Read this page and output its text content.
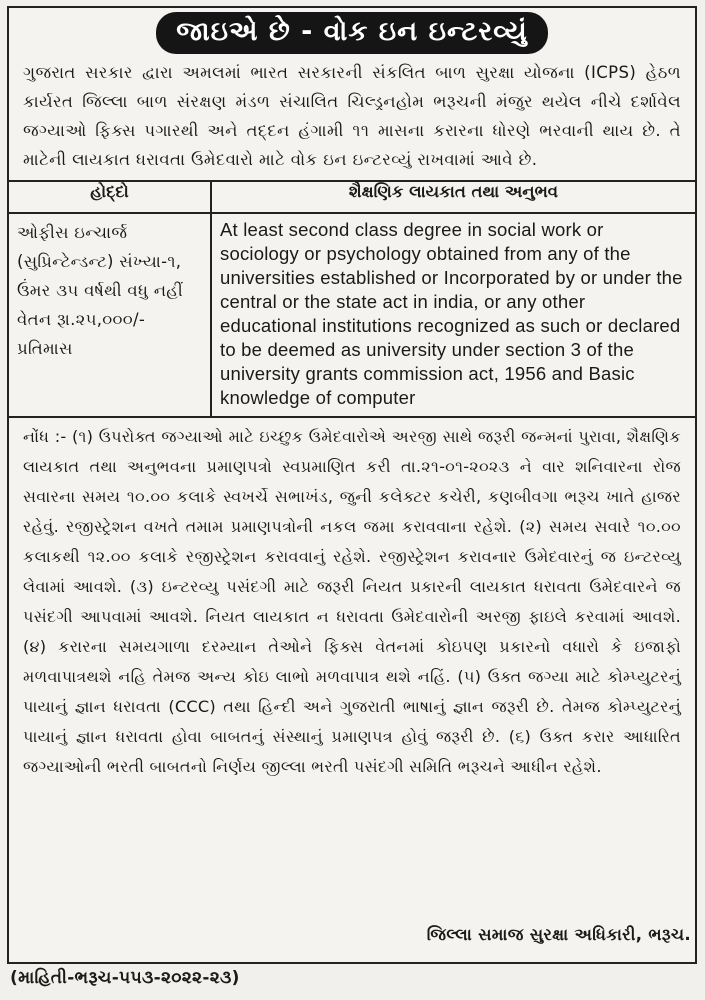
જાઇએ છે - વોક ઇન ઇન્ટરવ્યું
ગુજરાત સરકાર દ્વારા અમલમાં ભારત સરકારની સંકલિત બાળ સુરક્ષા યોજના (ICPS) હેઠળ કાર્યરત જિલ્લા બાળ સંરક્ષણ મંડળ સંચાલિત ચિલ્ડ્રનહોમ ભરૂચની મંજુર થયેલ નીચે દર્શાવેલ જગ્યાઓ ફિક્સ પગારથી અને તદ્દન હંગામી ૧૧ માસના કરારના ધોરણે ભરવાની થાય છે. તે માટેની લાયકાત ધરાવતા ઉમેદવારો માટે વોક ઇન ઇન્ટરવ્યું રાખવામાં આવે છે.
હોદ્દો	શૈક્ષણિક લાયકાત તથા અનુભવ
ઓફીસ ઇન્ચાર્જ (સુપ્રિન્ટેન્ડન્ટ) સંખ્યા-૧, ઉંમર ૩૫ વર્ષથી વધુ નહીં વેતન રૂા.૨૫,૦૦૦/- પ્રતિમાસ	At least second class degree in social work or sociology or psychology obtained from any of the universities established or Incorporated by or under the central or the state act in india, or any other educational institutions recognized as such or declared to be deemed as university under section 3 of the university grants commission act, 1956 and Basic knowledge of computer
નોંધ :- (૧) ઉપરોક્ત જગ્યાઓ માટે ઇચ્છુક ઉમેદવારોએ અરજી સાથે જરૂરી જન્મનાં પુરાવા, શૈક્ષણિક લાયકાત તથા અનુભવના પ્રમાણપત્રો સ્વપ્રમાણિત કરી તા.૨૧-૦૧-૨૦૨૩ ને વાર શનિવારના રોજ સવારના સમય ૧૦.૦૦ કલાકે સ્વખર્ચે સભાખંડ, જુની કલેક્ટર કચેરી, કણબીવગા ભરૂચ ખાતે હાજર રહેવું. રજીસ્ટ્રેશન વખતે તમામ પ્રમાણપત્રોની નકલ જમા કરાવવાના રહેશે. (૨) સમય સવારે ૧૦.૦૦ કલાકથી ૧૨.૦૦ કલાકે રજીસ્ટ્રેશન કરાવવાનું રહેશે. રજીસ્ટ્રેશન કરાવનાર ઉમેદવારનું જ ઇન્ટરવ્યુ લેવામાં આવશે. (૩) ઇન્ટરવ્યુ પસંદગી માટે જરૂરી નિયત પ્રકારની લાયકાત ધરાવતા ઉમેદવારને જ પસંદગી આપવામાં આવશે. નિયત લાયકાત ન ધરાવતા ઉમેદવારોની અરજી ફાઇલે કરવામાં આવશે. (૪) કરારના સમયગાળા દરમ્યાન તેઓને ફિક્સ વેતનમાં કોઇપણ પ્રકારનો વધારો કે ઇજાફો મળવાપાત્રથશે નહિ તેમજ અન્ય કોઇ લાભો મળવાપાત્ર થશે નહિં. (૫) ઉક્ત જગ્યા માટે કોમ્પ્યુટરનું પાયાનું જ્ઞાન ધરાવતા (CCC) તથા હિન્દી અને ગુજરાતી ભાષાનું જ્ઞાન જરૂરી છે. તેમજ કોમ્પ્યુટરનું પાયાનું જ્ઞાન ધરાવતા હોવા બાબતનું સંસ્થાનું પ્રમાણપત્ર હોવું જરૂરી છે. (૬) ઉક્ત કરાર આધારિત જગ્યાઓની ભરતી બાબતનો નિર્ણય જીલ્લા ભરતી પસંદગી સમિતિ ભરૂચને આધીન રહેશે.
જિલ્લા સમાજ સુરક્ષા અધિકારી, ભરૂચ.
(માહિતી-ભરૂચ-૫૫૩-૨૦૨૨-૨૩)
